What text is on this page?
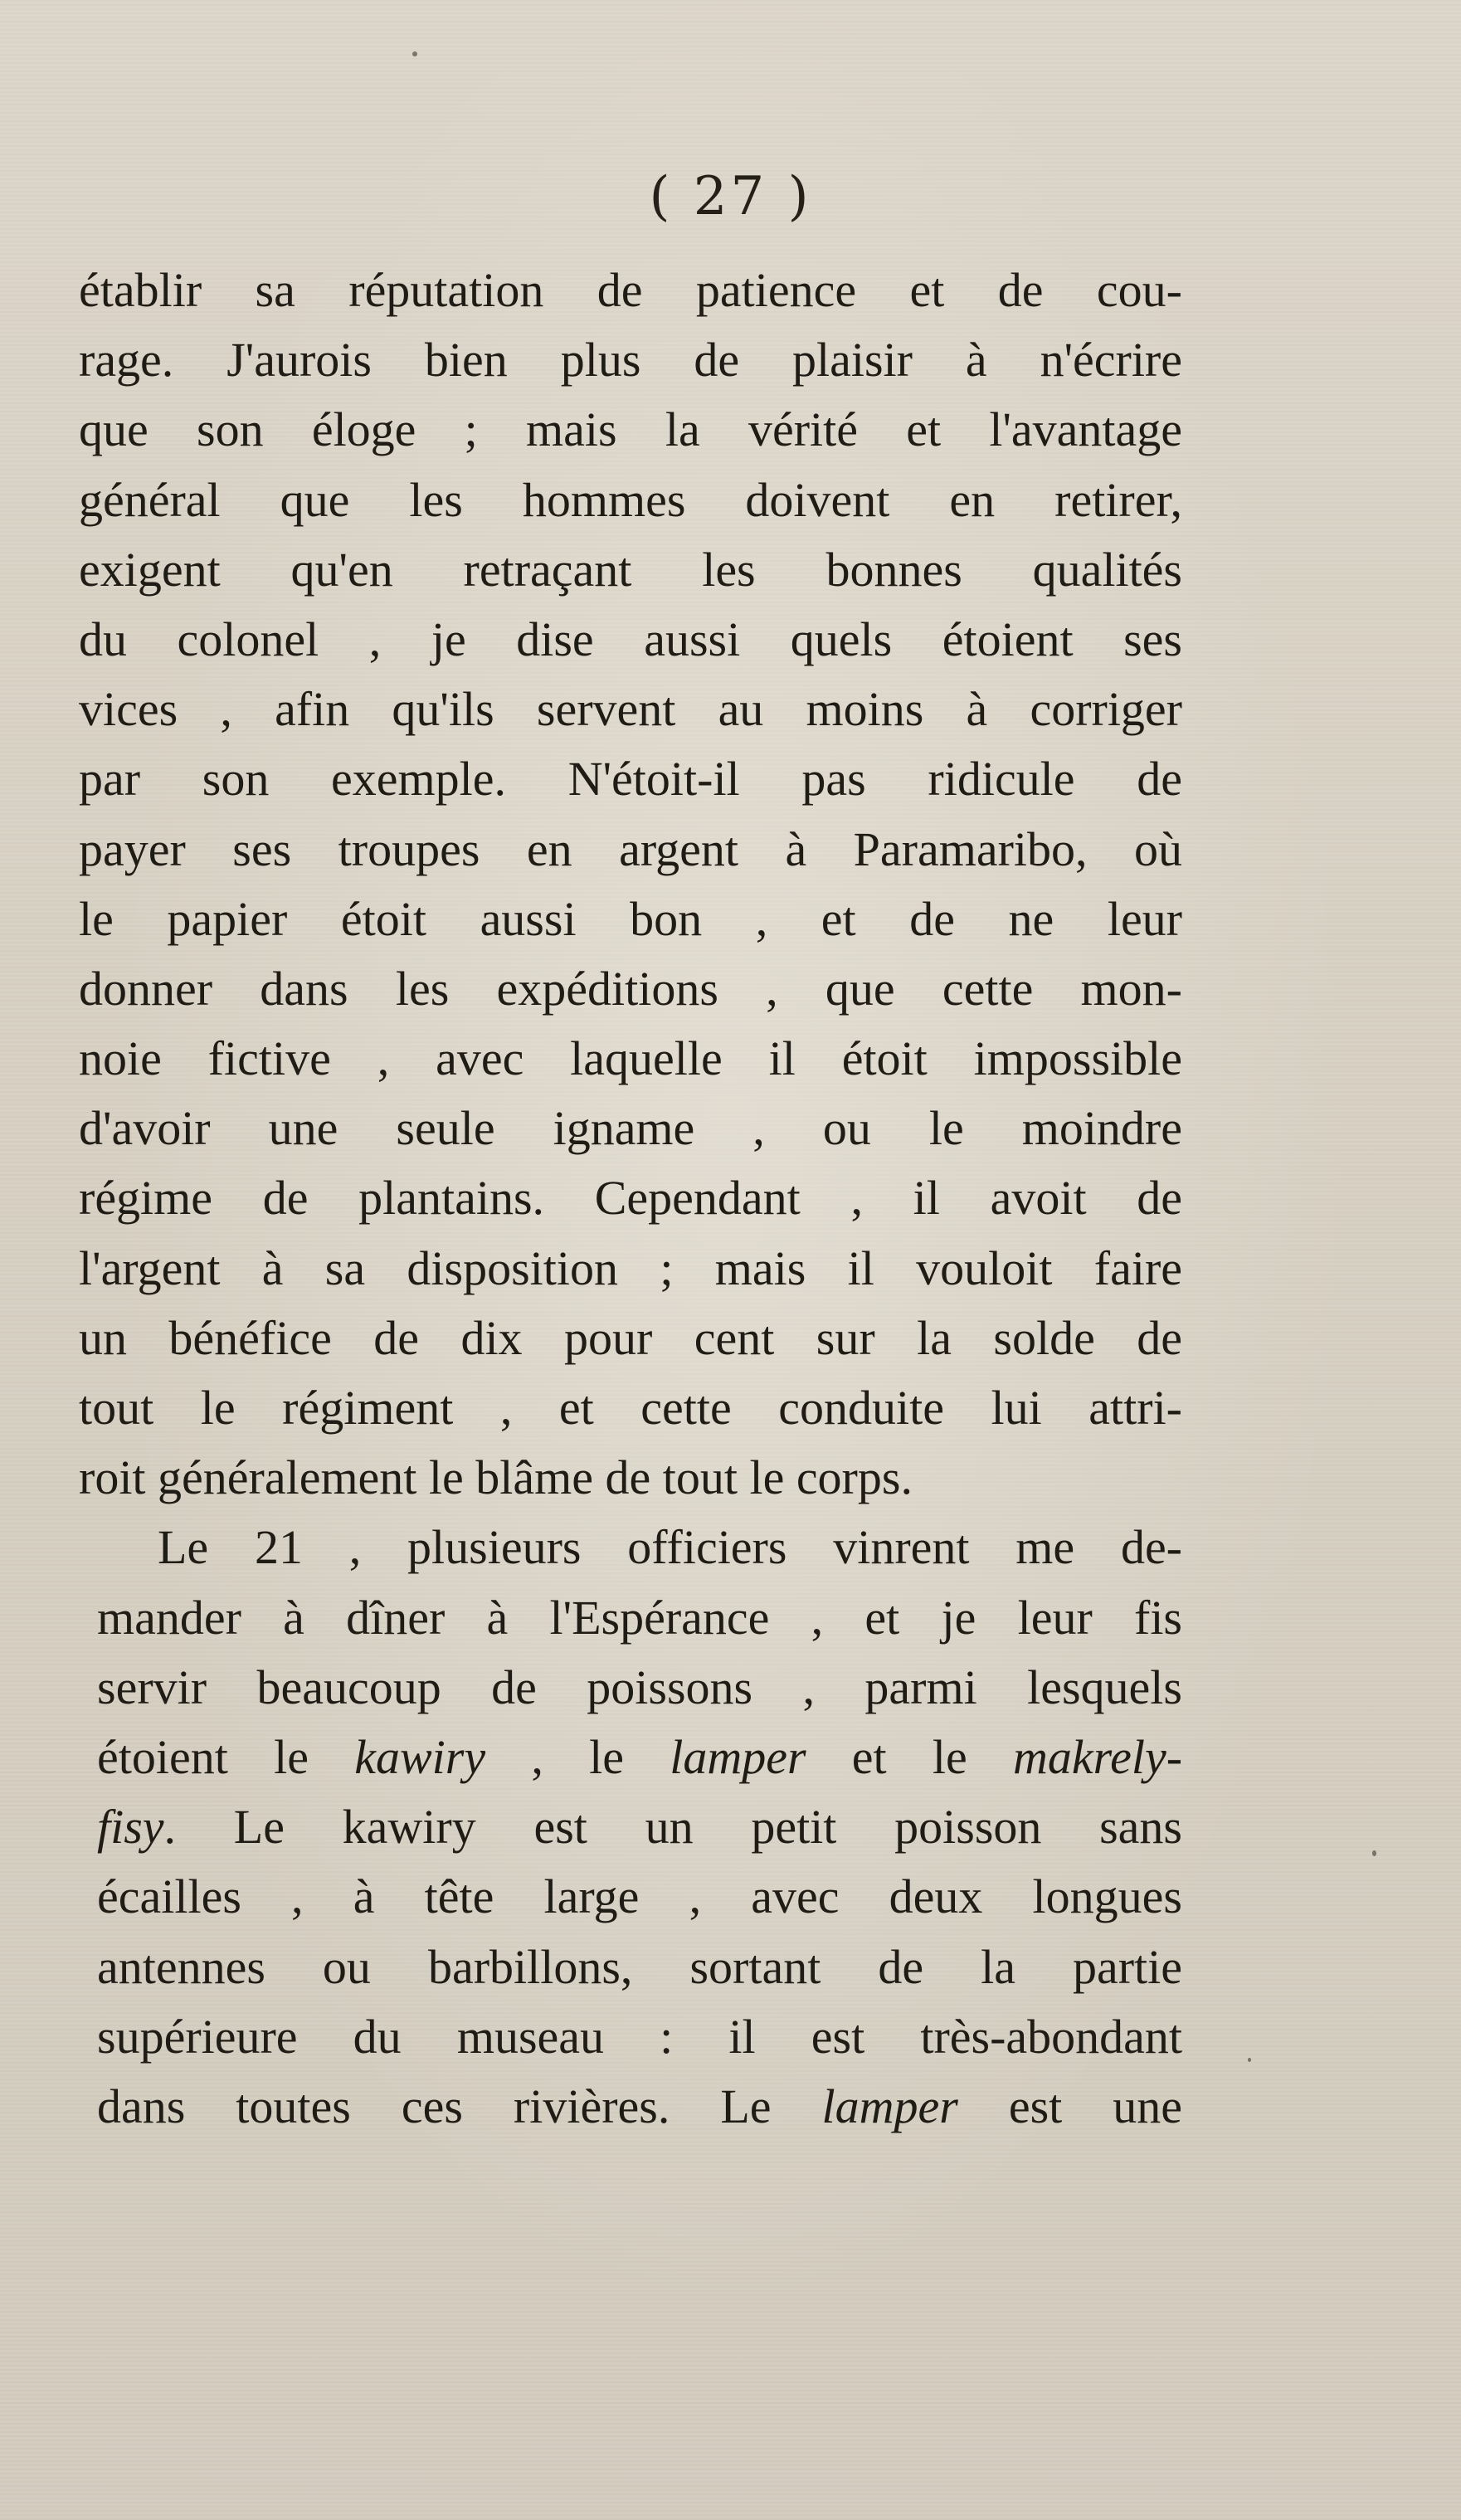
( 27 )
établir sa réputation de patience et de cou-
rage. J'aurois bien plus de plaisir à n'écrire
que son éloge ; mais la vérité et l'avantage
général que les hommes doivent en retirer,
exigent qu'en retraçant les bonnes qualités
du colonel , je dise aussi quels étoient ses
vices , afin qu'ils servent au moins à corriger
par son exemple. N'étoit-il pas ridicule de
payer ses troupes en argent à Paramaribo, où
le papier étoit aussi bon , et de ne leur
donner dans les expéditions , que cette mon-
noie fictive , avec laquelle il étoit impossible
d'avoir une seule igname , ou le moindre
régime de plantains. Cependant , il avoit de
l'argent à sa disposition ; mais il vouloit faire
un bénéfice de dix pour cent sur la solde de
tout le régiment , et cette conduite lui attri-
roit généralement le blâme de tout le corps.
Le 21 , plusieurs officiers vinrent me de-
mander à dîner à l'Espérance , et je leur fis
servir beaucoup de poissons , parmi lesquels
étoient le kawiry , le lamper et le makrely-
fisy. Le kawiry est un petit poisson sans
écailles , à tête large , avec deux longues
antennes ou barbillons, sortant de la partie
supérieure du museau : il est très-abondant
dans toutes ces rivières. Le lamper est une
